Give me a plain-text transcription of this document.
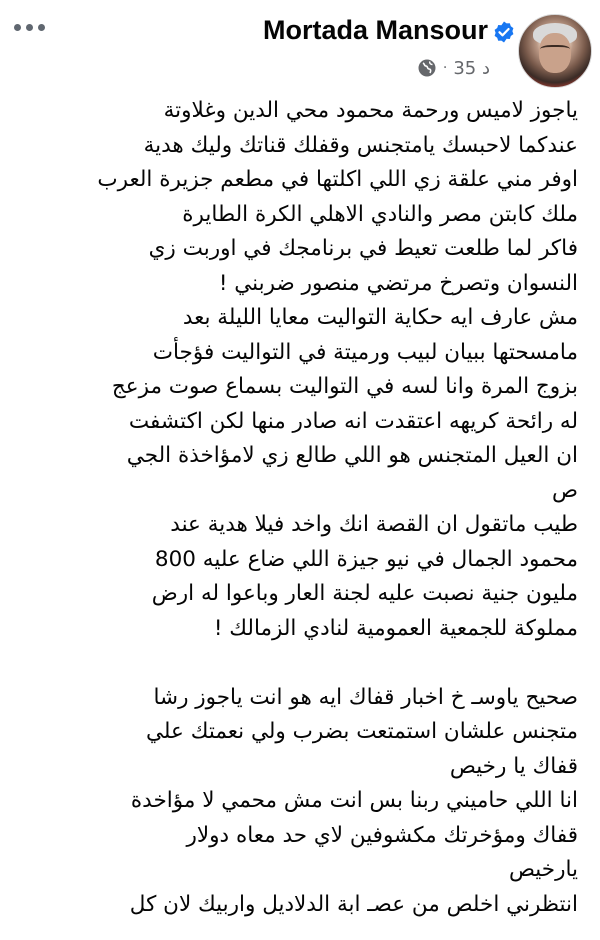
Mortada Mansour
· 35 د
ياجوز لاميس ورحمة محمود محي الدين وغلاوتة
عندكما لاحبسك يامتجنس وقفلك قناتك وليك هدية
اوفر مني علقة زي اللي اكلتها في مطعم جزيرة العرب
ملك كابتن مصر والنادي الاهلي الكرة الطايرة
فاكر لما طلعت تعيط في برنامجك في اوربت زي
النسوان وتصرخ مرتضي منصور ضربني !
مش عارف ايه حكاية التواليت معايا الليلة بعد
مامسحتها ببيان لبيب ورميتة في التواليت فؤجأت
بزوج المرة وانا لسه في التواليت بسماع صوت مزعج
له رائحة كريهه اعتقدت انه صادر منها لكن اكتشفت
ان العيل المتجنس هو اللي طالع زي لامؤاخذة الجي
ص
طيب ماتقول ان القصة انك واخد فيلا هدية عند
محمود الجمال في نيو جيزة اللي ضاع عليه 800
مليون جنية نصبت عليه لجنة العار وباعوا له ارض
مملوكة للجمعية العمومية لنادي الزمالك !

صحيح ياوسـ خ اخبار قفاك ايه هو انت ياجوز رشا
متجنس علشان استمتعت بضرب ولي نعمتك علي
قفاك يا رخيص
انا اللي حاميني ربنا بس انت مش محمي لا مؤاخدة
قفاك ومؤخرتك مكشوفين لاي حد معاه دولار
يارخيص
انتظرني اخلص من عصـ ابة الدلاديل واربيك لان كل
